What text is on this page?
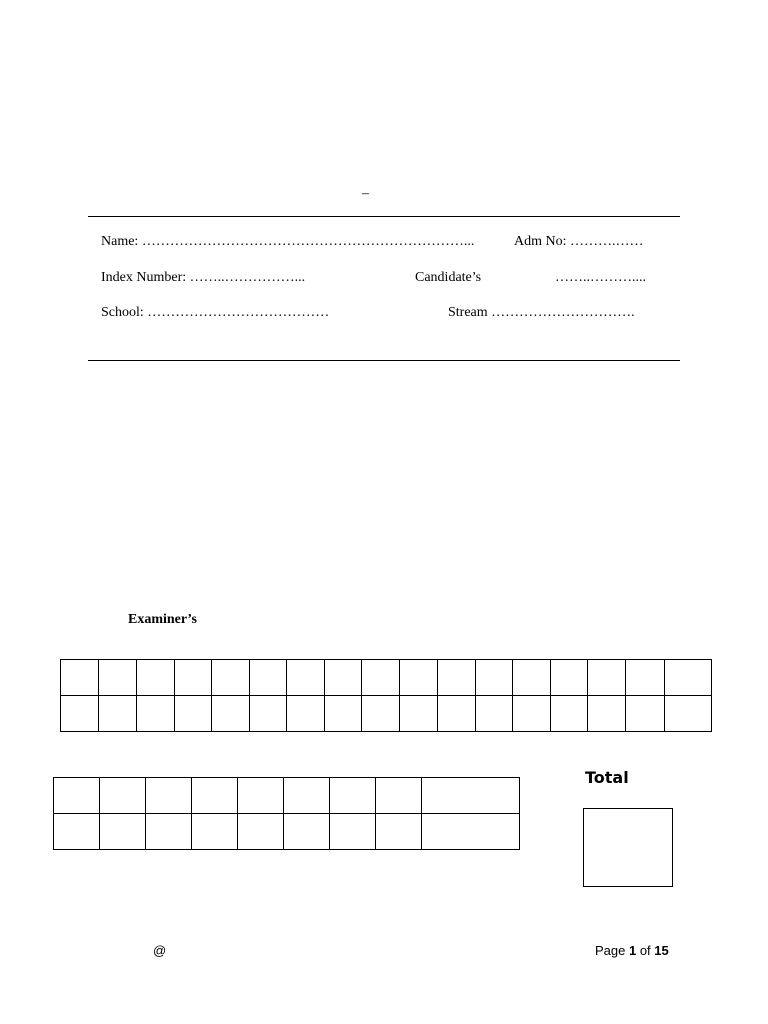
–
Name: ……………………………………………………………...	Adm No: ……….……
Index Number: ……..……………...	Candidate’s	……..………....
School: …………………………………	Stream ………………………….
Examiner’s

Total
@	Page 1 of 15
